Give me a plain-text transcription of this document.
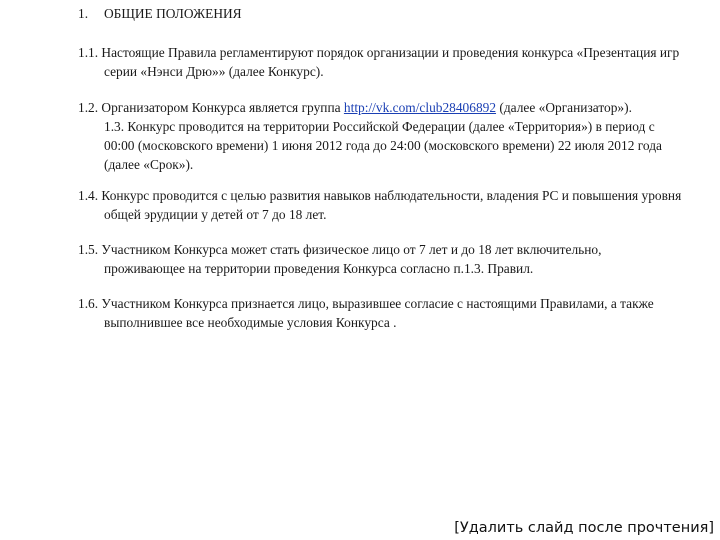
1. ОБЩИЕ ПОЛОЖЕНИЯ
1.1. Настоящие Правила регламентируют порядок организации и проведения конкурса «Презентация игр
серии «Нэнси Дрю»» (далее Конкурс).
1.2. Организатором Конкурса является группа http://vk.com/club28406892 (далее «Организатор»).
1.3. Конкурс проводится на территории Российской Федерации (далее «Территория») в период с
00:00 (московского времени) 1 июня 2012 года до 24:00 (московского времени) 22 июля 2012 года
(далее «Срок»).
1.4. Конкурс проводится с целью развития навыков наблюдательности, владения PC и повышения уровня
общей эрудиции у детей от 7 до 18 лет.
1.5. Участником Конкурса может стать физическое лицо от 7 лет и до 18 лет включительно,
проживающее на территории проведения Конкурса согласно п.1.3. Правил.
1.6. Участником Конкурса признается лицо, выразившее согласие с настоящими Правилами, а также
выполнившее все необходимые условия Конкурса .
[Удалить слайд после прочтения]
